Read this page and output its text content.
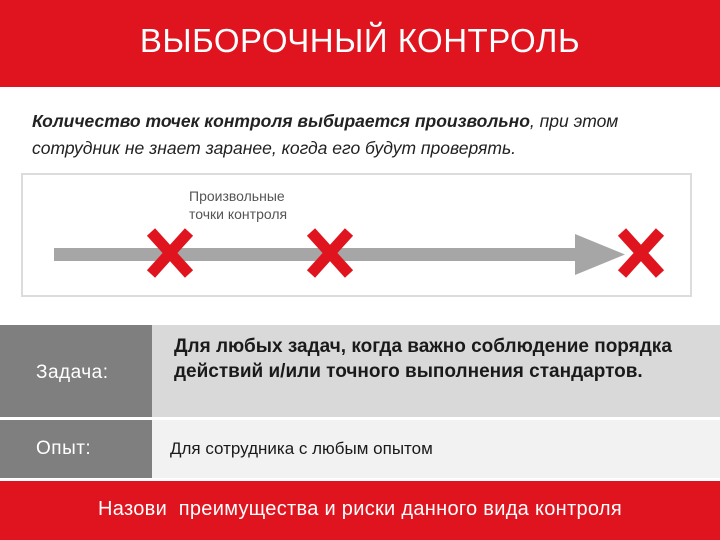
ВЫБОРОЧНЫЙ КОНТРОЛЬ
Количество точек контроля выбирается произвольно, при этом сотрудник не знает заранее, когда его будут проверять.
Произвольные
точки контроля
Задача:
Для любых задач, когда важно соблюдение порядка действий и/или точного выполнения стандартов.
Опыт:	Для сотрудника с любым опытом
Назови  преимущества и риски данного вида контроля
